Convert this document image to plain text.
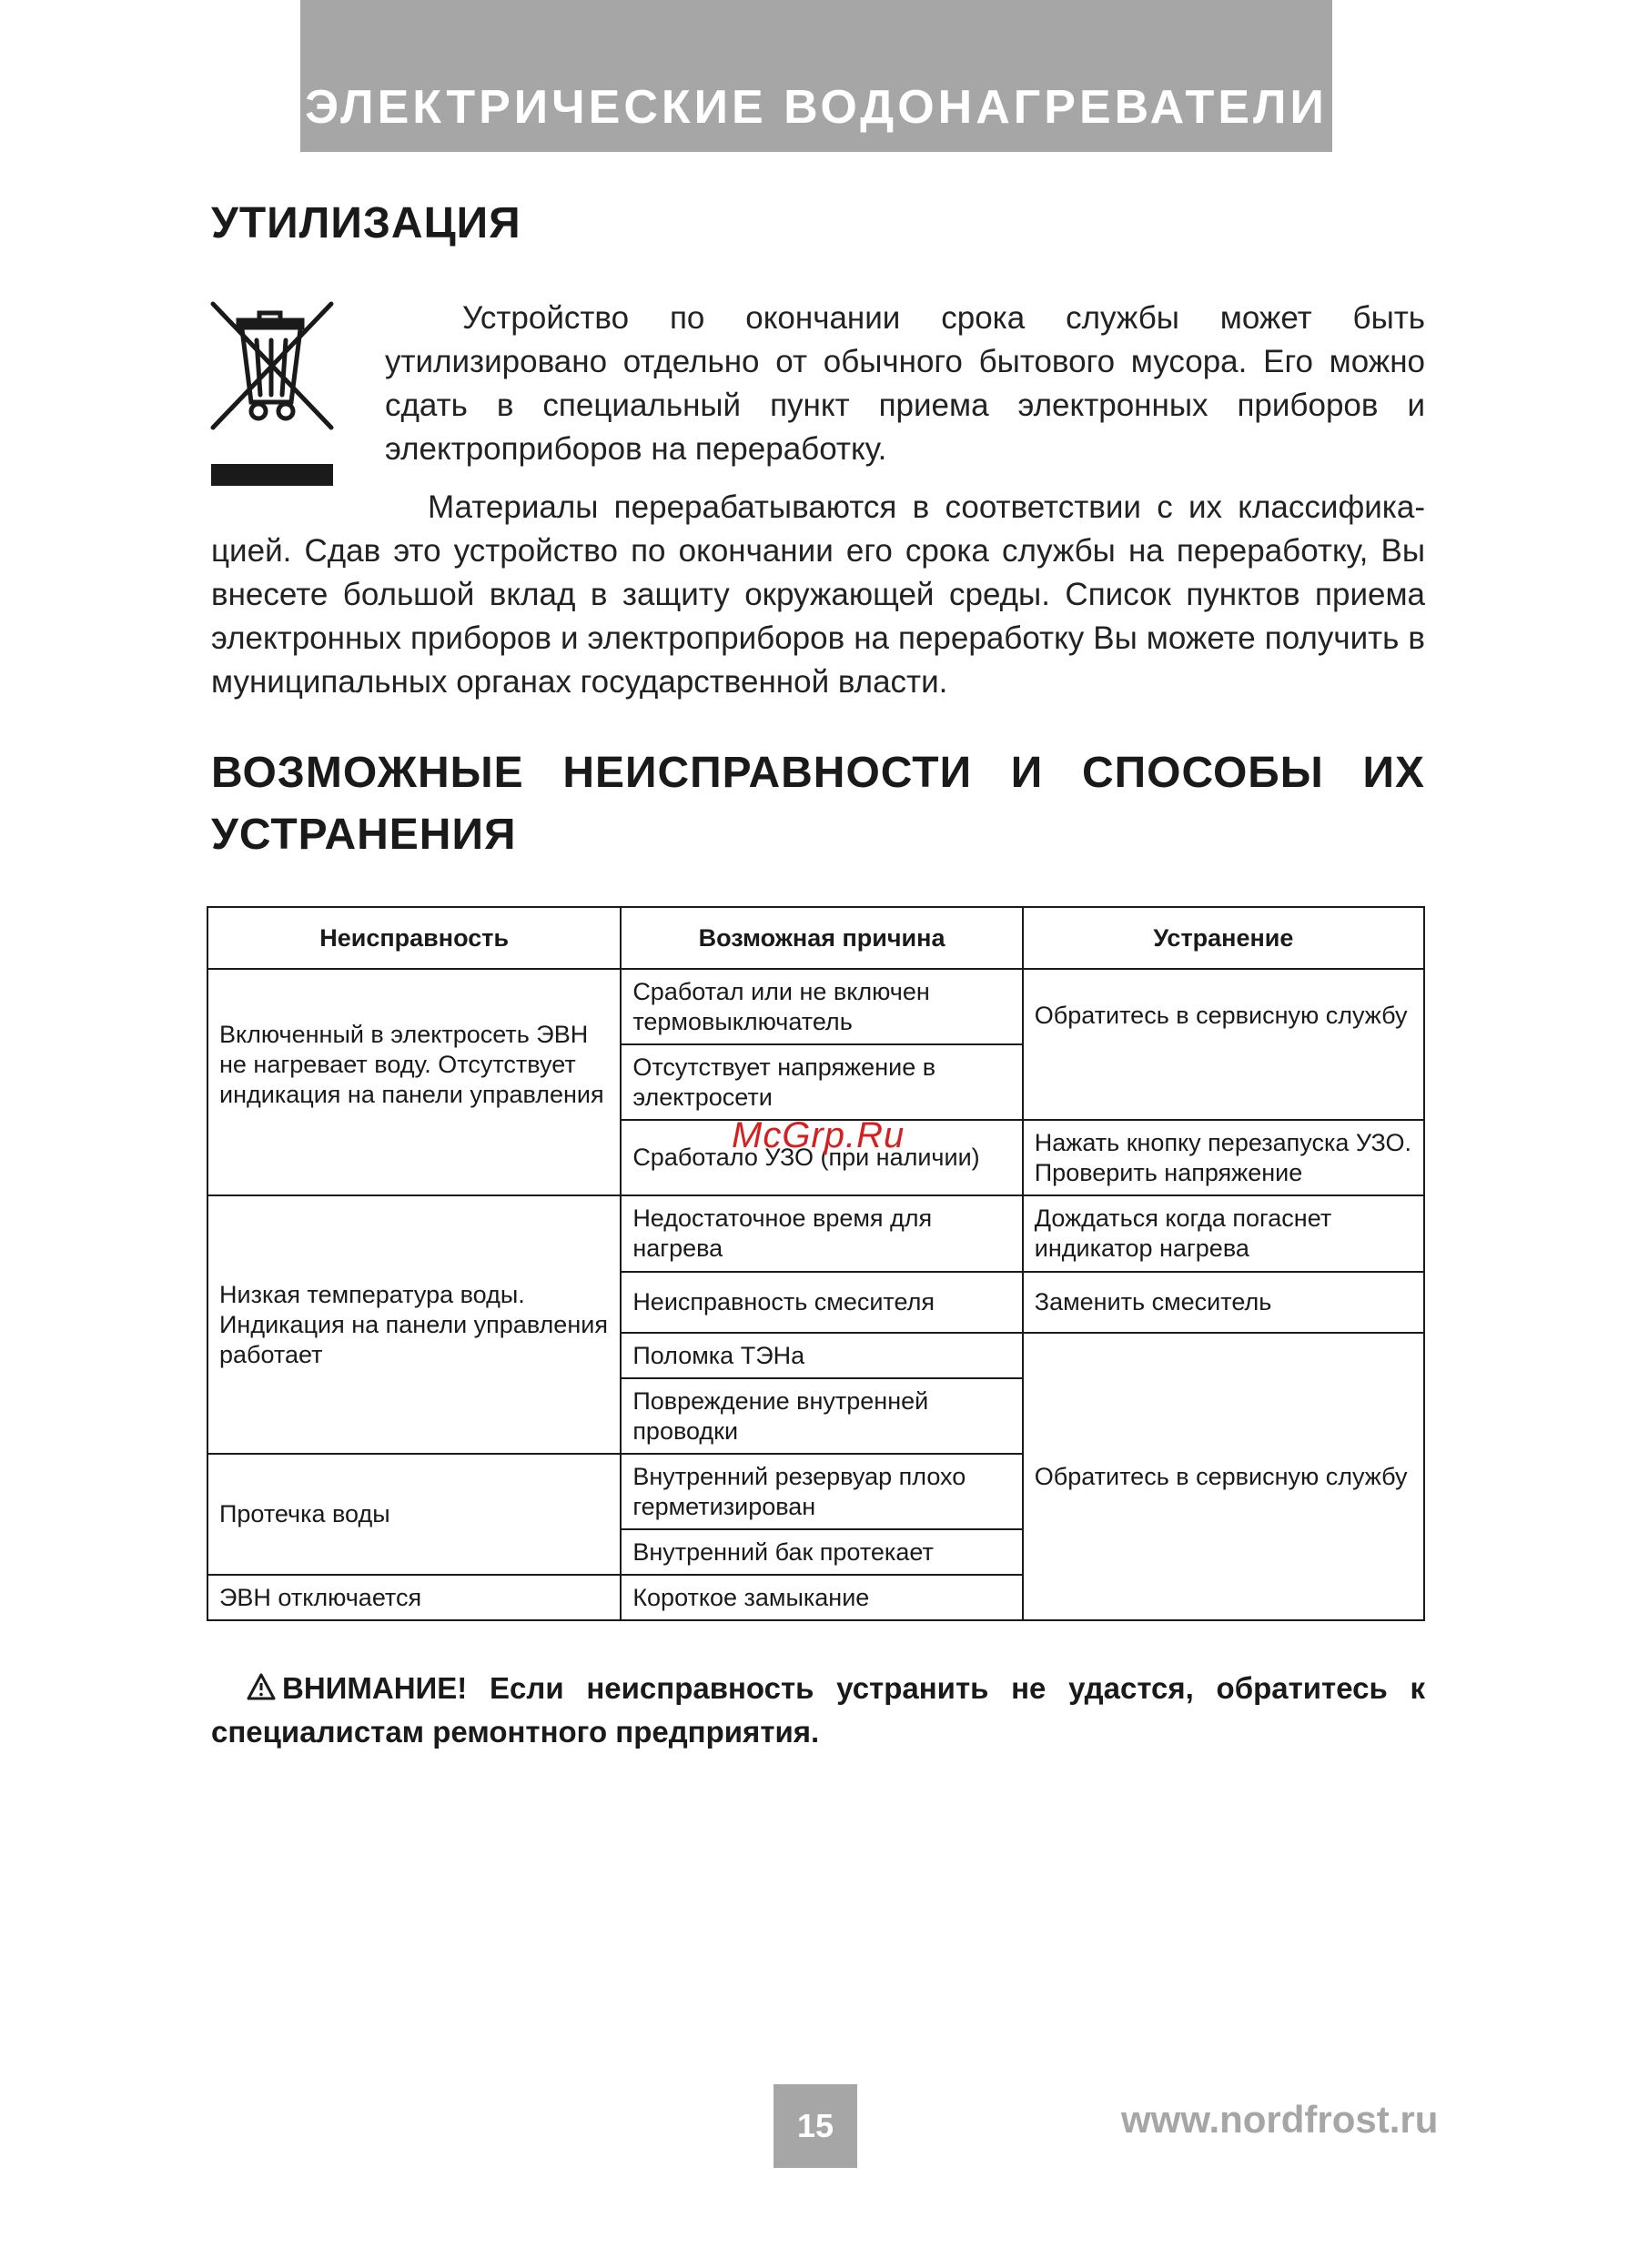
ЭЛЕКТРИЧЕСКИЕ ВОДОНАГРЕВАТЕЛИ
УТИЛИЗАЦИЯ
Устройство по окончании срока службы может быть утилизировано отдельно от обычного бытового мусора. Его можно сдать в специальный пункт приема электронных приборов и электроприборов на переработку.
Материалы перерабатываются в соответствии с их классифика-цией. Сдав это устройство по окончании его срока службы на переработку, Вы внесете большой вклад в защиту окружающей среды. Список пунктов приема электронных приборов и электроприборов на переработку Вы можете получить в муниципальных органах государственной власти.
ВОЗМОЖНЫЕ НЕИСПРАВНОСТИ И СПОСОБЫ ИХ
УСТРАНЕНИЯ
Неисправность	Возможная причина	Устранение
Включенный в электросеть ЭВН не нагревает воду. Отсутствует индикация на панели управления	Сработал или не включен термовыключатель	Обратитесь в сервисную службу
	Отсутствует напряжение в электросети	
	Сработало УЗО (при наличии)	Нажать кнопку перезапуска УЗО. Проверить напряжение
Низкая температура воды. Индикация на панели управления работает	Недостаточное время для нагрева	Дождаться когда погаснет индикатор нагрева
	Неисправность смесителя	Заменить смеситель
	Поломка ТЭНа	Обратитесь в сервисную службу
	Повреждение внутренней проводки	
Протечка воды	Внутренний резервуар плохо герметизирован	
	Внутренний бак протекает	
ЭВН отключается	Короткое замыкание	
McGrp.Ru
ВНИМАНИЕ! Если неисправность устранить не удастся, обратитесь к специалистам ремонтного предприятия.
15	www.nordfrost.ru
